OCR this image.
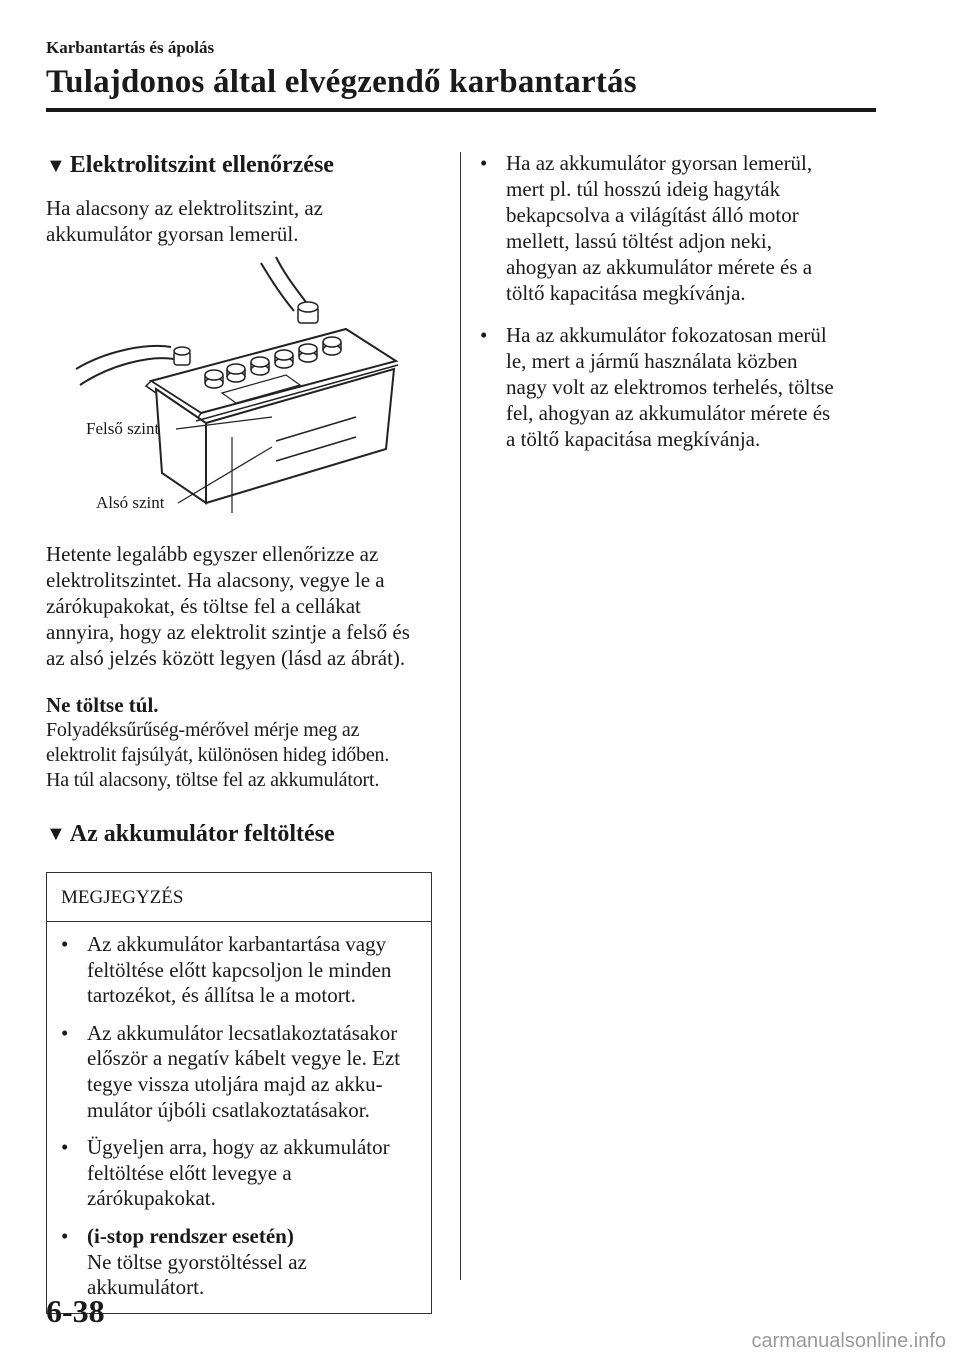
Karbantartás és ápolás
Tulajdonos által elvégzendő karbantartás
▼ Elektrolitszint ellenőrzése

Ha alacsony az elektrolitszint, az
akkumulátor gyorsan lemerül.

Felső szint
Alsó szint

Hetente legalább egyszer ellenőrizze az
elektrolitszintet. Ha alacsony, vegye le a
zárókupakokat, és töltse fel a cellákat
annyira, hogy az elektrolit szintje a felső és
az alsó jelzés között legyen (lásd az ábrát).

Ne töltse túl.

Folyadéksűrűség-mérővel mérje meg az
elektrolit fajsúlyát, különösen hideg időben.
Ha túl alacsony, töltse fel az akkumulátort.

▼ Az akkumulátor feltöltése
MEGJEGYZÉS
• Az akkumulátor karbantartása vagy
feltöltése előtt kapcsoljon le minden
tartozékot, és állítsa le a motort.
• Az akkumulátor lecsatlakoztatásakor
először a negatív kábelt vegye le. Ezt
tegye vissza utoljára majd az akku-
mulátor újbóli csatlakoztatásakor.
• Ügyeljen arra, hogy az akkumulátor
feltöltése előtt levegye a
zárókupakokat.
• (i-stop rendszer esetén)
Ne töltse gyorstöltéssel az
akkumulátort.
• Ha az akkumulátor gyorsan lemerül,
mert pl. túl hosszú ideig hagyták
bekapcsolva a világítást álló motor
mellett, lassú töltést adjon neki,
ahogyan az akkumulátor mérete és a
töltő kapacitása megkívánja.
• Ha az akkumulátor fokozatosan merül
le, mert a jármű használata közben
nagy volt az elektromos terhelés, töltse
fel, ahogyan az akkumulátor mérete és
a töltő kapacitása megkívánja.
6-38
carmanualsonline.info
